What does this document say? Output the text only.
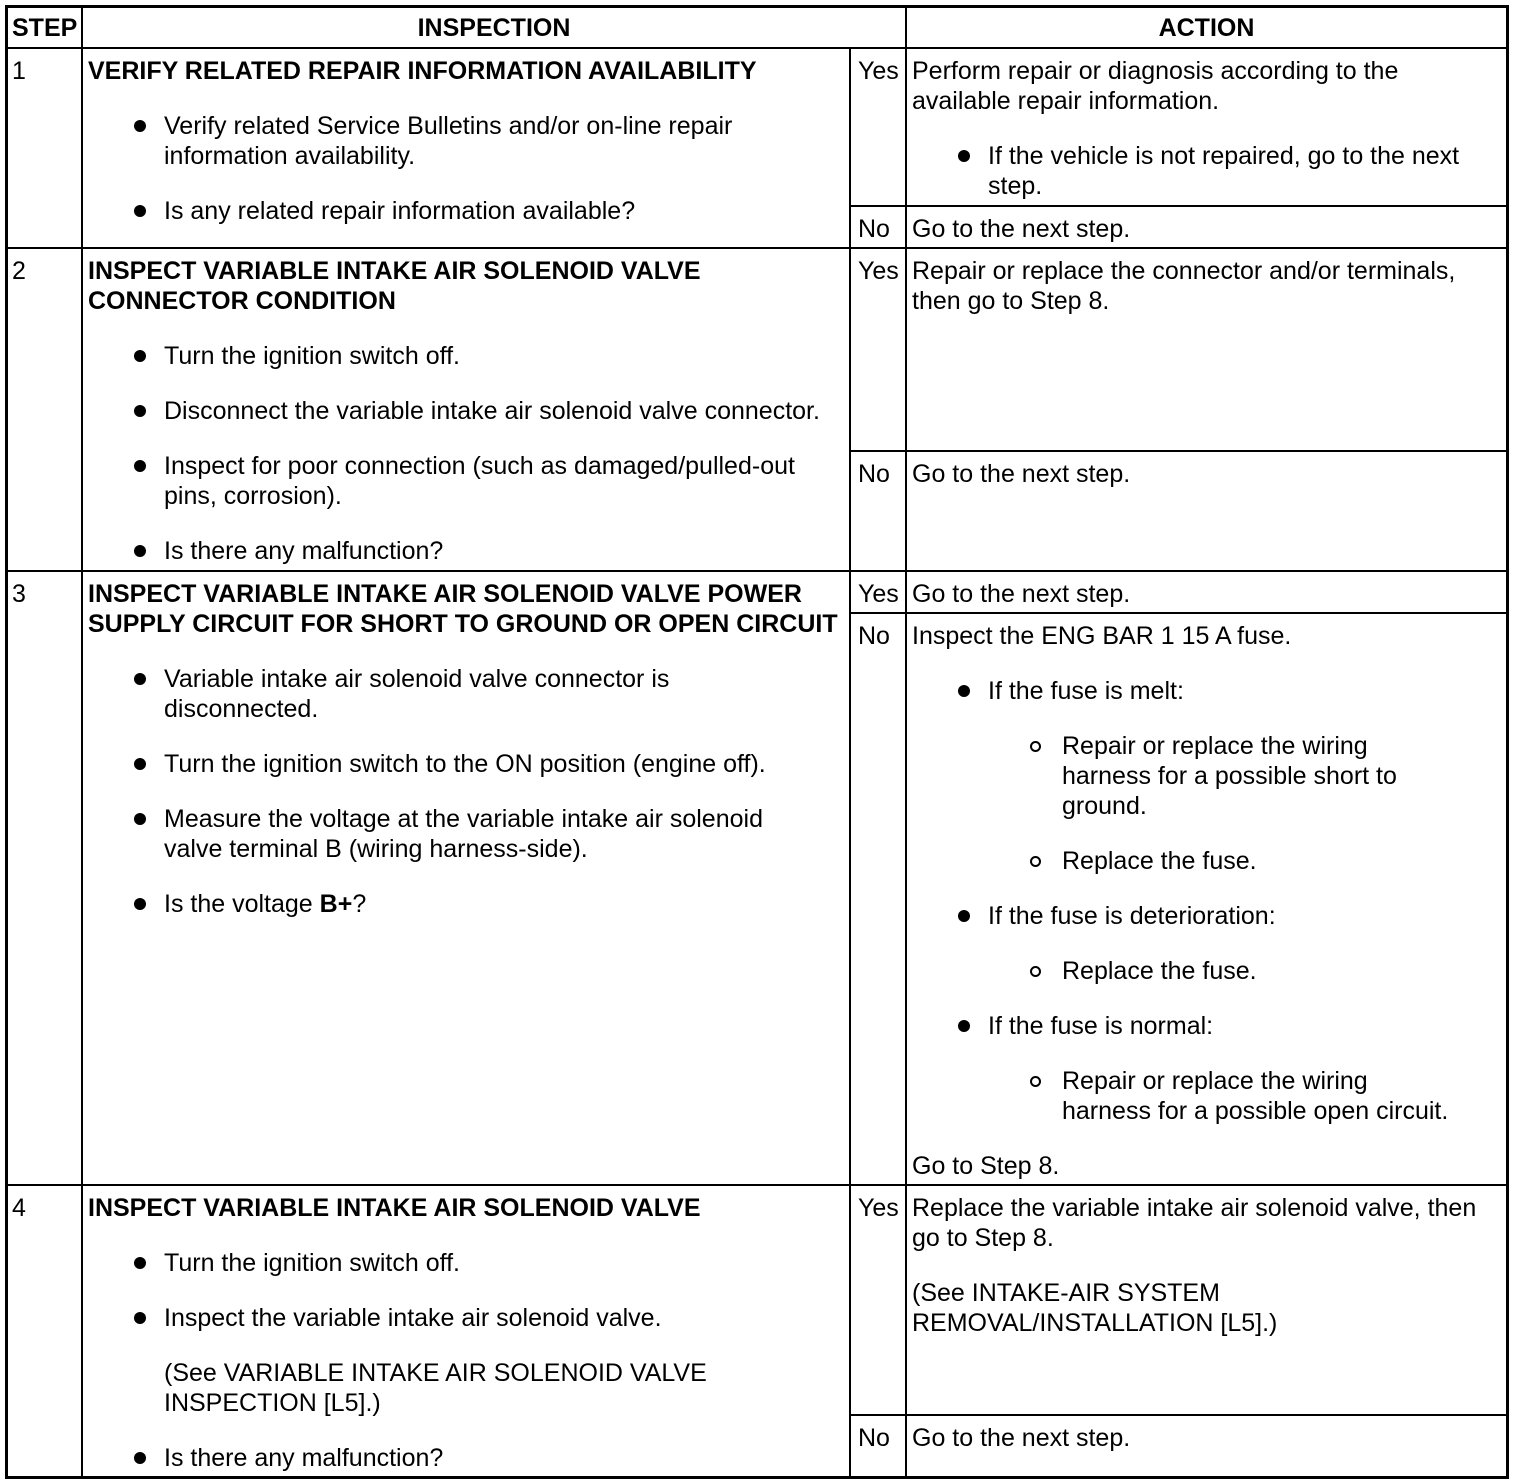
STEP	INSPECTION	ACTION
1	VERIFY RELATED REPAIR INFORMATION AVAILABILITY
Verify related Service Bulletins and/or on-line repair
information availability.
Is any related repair information available?
Yes Perform repair or diagnosis according to the
available repair information.
If the vehicle is not repaired, go to the next
step.
No Go to the next step.
2	INSPECT VARIABLE INTAKE AIR SOLENOID VALVE
CONNECTOR CONDITION
Turn the ignition switch off.
Disconnect the variable intake air solenoid valve connector.
Inspect for poor connection (such as damaged/pulled-out
pins, corrosion).
Is there any malfunction?
Yes Repair or replace the connector and/or terminals,
then go to Step 8.
No Go to the next step.
3	INSPECT VARIABLE INTAKE AIR SOLENOID VALVE POWER
SUPPLY CIRCUIT FOR SHORT TO GROUND OR OPEN CIRCUIT
Variable intake air solenoid valve connector is
disconnected.
Turn the ignition switch to the ON position (engine off).
Measure the voltage at the variable intake air solenoid
valve terminal B (wiring harness-side).
Is the voltage B+?
Yes Go to the next step.
No Inspect the ENG BAR 1 15 A fuse.
If the fuse is melt:
Repair or replace the wiring
harness for a possible short to
ground.
Replace the fuse.
If the fuse is deterioration:
Replace the fuse.
If the fuse is normal:
Repair or replace the wiring
harness for a possible open circuit.
Go to Step 8.
4	INSPECT VARIABLE INTAKE AIR SOLENOID VALVE
Turn the ignition switch off.
Inspect the variable intake air solenoid valve.
(See VARIABLE INTAKE AIR SOLENOID VALVE
INSPECTION [L5].)
Is there any malfunction?
Yes Replace the variable intake air solenoid valve, then
go to Step 8.
(See INTAKE-AIR SYSTEM
REMOVAL/INSTALLATION [L5].)
No Go to the next step.
